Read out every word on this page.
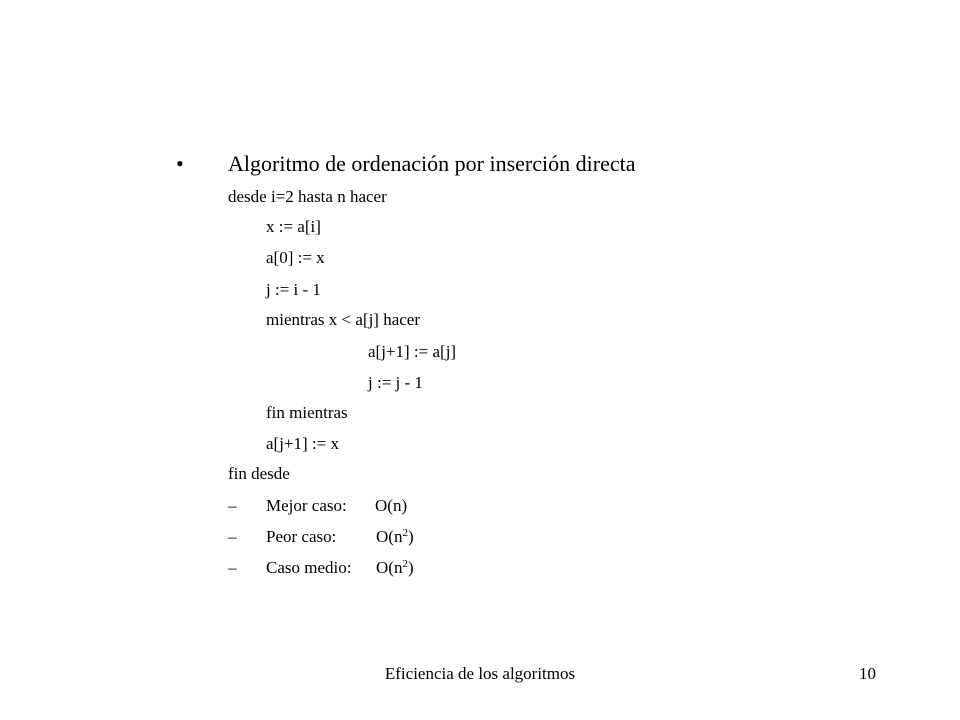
• Algoritmo de ordenación por inserción directa
desde i=2 hasta n hacer
x := a[i]
a[0] := x
j := i - 1
mientras x < a[j] hacer
a[j+1] := a[j]
j := j - 1
fin mientras
a[j+1] := x
fin desde
– Mejor caso: O(n)
– Peor caso: $O(n^2)$
– Caso medio: $O(n^2)$
Eficiencia de los algoritmos	10
